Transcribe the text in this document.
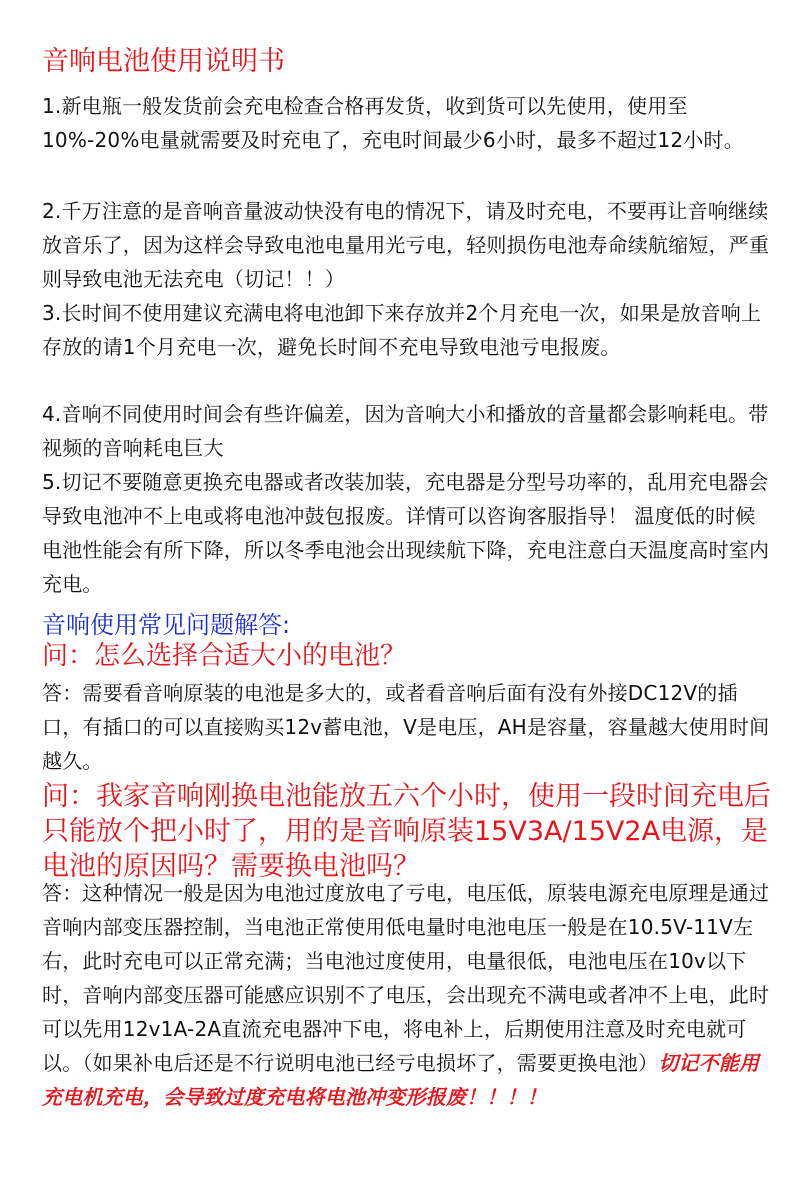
音响电池使用说明书

1.新电瓶一般发货前会充电检查合格再发货，收到货可以先使用，使用至10%-20%电量就需要及时充电了，充电时间最少6小时，最多不超过12小时。

2.千万注意的是音响音量波动快没有电的情况下，请及时充电，不要再让音响继续放音乐了，因为这样会导致电池电量用光亏电，轻则损伤电池寿命续航缩短，严重则导致电池无法充电（切记！！）

3.长时间不使用建议充满电将电池卸下来存放并2个月充电一次，如果是放音响上存放的请1个月充电一次，避免长时间不充电导致电池亏电报废。

4.音响不同使用时间会有些许偏差，因为音响大小和播放的音量都会影响耗电。带视频的音响耗电巨大

5.切记不要随意更换充电器或者改装加装，充电器是分型号功率的，乱用充电器会导致电池冲不上电或将电池冲鼓包报废。详情可以咨询客服指导！ 温度低的时候电池性能会有所下降，所以冬季电池会出现续航下降，充电注意白天温度高时室内充电。

音响使用常见问题解答:
问：怎么选择合适大小的电池？

答：需要看音响原装的电池是多大的，或者看音响后面有没有外接DC12V的插口，有插口的可以直接购买12v蓄电池，V是电压，AH是容量，容量越大使用时间越久。

问：我家音响刚换电池能放五六个小时，使用一段时间充电后只能放个把小时了，用的是音响原装15V3A/15V2A电源，是电池的原因吗？需要换电池吗？

答：这种情况一般是因为电池过度放电了亏电，电压低，原装电源充电原理是通过音响内部变压器控制，当电池正常使用低电量时电池电压一般是在10.5V-11V左右，此时充电可以正常充满；当电池过度使用，电量很低，电池电压在10v以下时，音响内部变压器可能感应识别不了电压，会出现充不满电或者冲不上电，此时可以先用12v1A-2A直流充电器冲下电，将电补上，后期使用注意及时充电就可以。（如果补电后还是不行说明电池已经亏电损坏了，需要更换电池）切记不能用充电机充电，会导致过度充电将电池冲变形报废！！！！
